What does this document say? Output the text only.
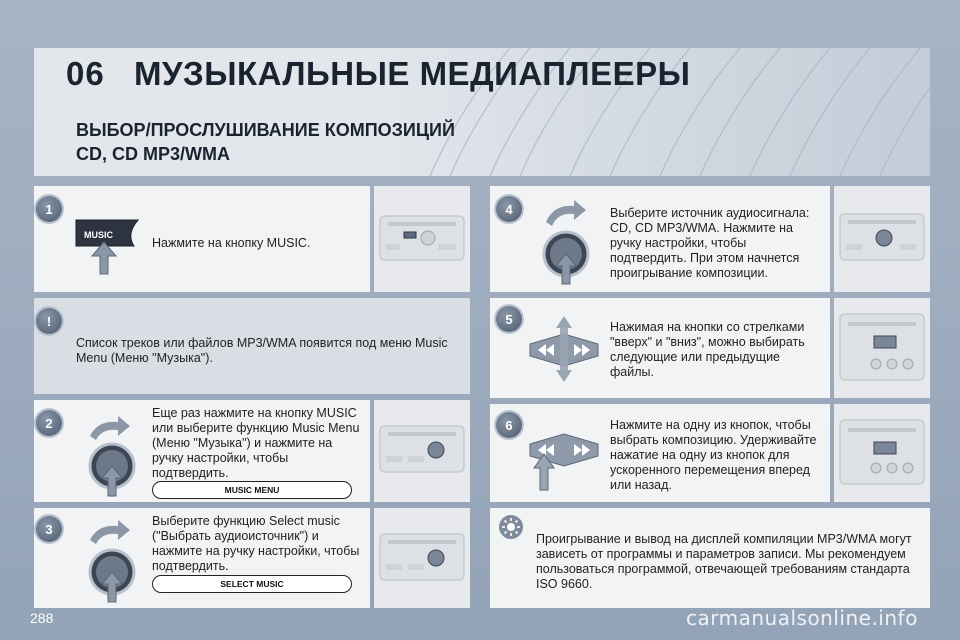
06 МУЗЫКАЛЬНЫЕ МЕДИАПЛЕЕРЫ
ВЫБОР/ПРОСЛУШИВАНИЕ КОМПОЗИЦИЙ
CD, CD MP3/WMA
1
MUSIC
Нажмите на кнопку MUSIC.
!
Список треков или файлов MP3/WMA появится под меню Music Menu (Меню "Музыка").
2
Еще раз нажмите на кнопку MUSIC или выберите функцию Music Menu (Меню "Музыка") и нажмите на ручку настройки, чтобы подтвердить.
MUSIC MENU
3
Выберите функцию Select music ("Выбрать аудиоисточник") и нажмите на ручку настройки, чтобы подтвердить.
SELECT MUSIC
4	Выберите источник аудиосигнала: CD, CD MP3/WMA. Нажмите на ручку настройки, чтобы подтвердить. При этом начнется проигрывание композиции.
5
Нажимая на кнопки со стрелками "вверх" и "вниз", можно выбирать следующие или предыдущие файлы.
6	Нажмите на одну из кнопок, чтобы выбрать композицию. Удерживайте нажатие на одну из кнопок для ускоренного перемещения вперед или назад.
Проигрывание и вывод на дисплей компиляции MP3/WMA могут зависеть от программы и параметров записи. Мы рекомендуем пользоваться программой, отвечающей требованиям стандарта ISO 9660.
288	carmanualsonline.info
